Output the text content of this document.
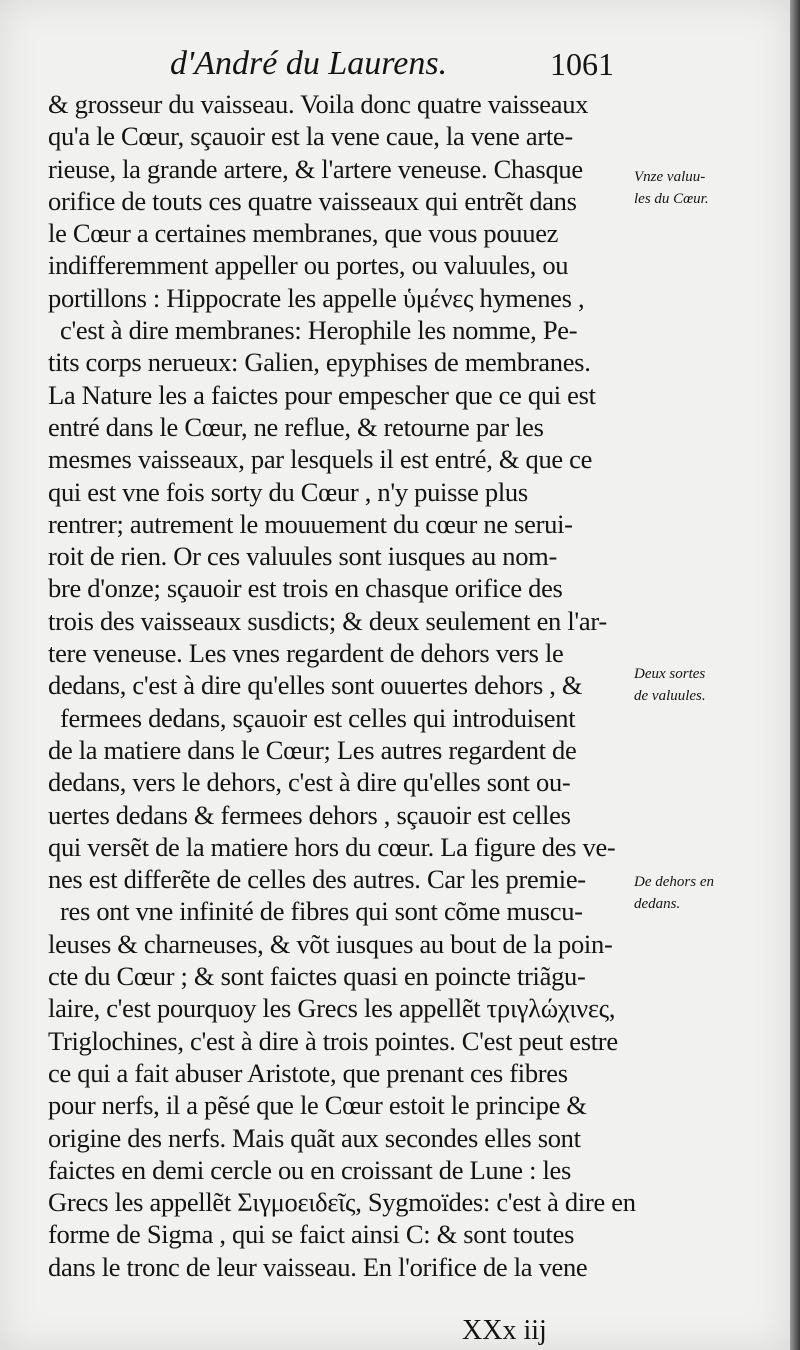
d'André du Laurens.	1061
& grosseur du vaisseau. Voila donc quatre vaisseaux
qu'a le Cœur, sçauoir est la vene caue, la vene arte-
rieuse, la grande artere, & l'artere veneuse. Chasque
orifice de touts ces quatre vaisseaux qui entrẽt dans
le Cœur a certaines membranes, que vous pouuez
indifferemment appeller ou portes, ou valuules, ou
portillons : Hippocrate les appelle ὑμένες hymenes ,
c'est à dire membranes: Herophile les nomme, Pe-
tits corps nerueux: Galien, epyphises de membranes.
La Nature les a faictes pour empescher que ce qui est
entré dans le Cœur, ne reflue, & retourne par les
mesmes vaisseaux, par lesquels il est entré, & que ce
qui est vne fois sorty du Cœur , n'y puisse plus
rentrer; autrement le mouuement du cœur ne serui-
roit de rien. Or ces valuules sont iusques au nom-
bre d'onze; sçauoir est trois en chasque orifice des
trois des vaisseaux susdicts; & deux seulement en l'ar-
tere veneuse. Les vnes regardent de dehors vers le
dedans, c'est à dire qu'elles sont ouuertes dehors , &
fermees dedans, sçauoir est celles qui introduisent
de la matiere dans le Cœur; Les autres regardent de
dedans, vers le dehors, c'est à dire qu'elles sont ou-
uertes dedans & fermees dehors , sçauoir est celles
qui versẽt de la matiere hors du cœur. La figure des ve-
nes est differẽte de celles des autres. Car les premie-
res ont vne infinité de fibres qui sont cõme muscu-
leuses & charneuses, & võt iusques au bout de la poin-
cte du Cœur ; & sont faictes quasi en poincte triãgu-
laire, c'est pourquoy les Grecs les appellẽt τριγλώχινες,
Triglochines, c'est à dire à trois pointes. C'est peut estre
ce qui a fait abuser Aristote, que prenant ces fibres
pour nerfs, il a pẽsé que le Cœur estoit le principe &
origine des nerfs. Mais quãt aux secondes elles sont
faictes en demi cercle ou en croissant de Lune : les
Grecs les appellẽt Σιγμοειδεῖς, Sygmoïdes: c'est à dire en
forme de Sigma , qui se faict ainsi C: & sont toutes
dans le tronc de leur vaisseau. En l'orifice de la vene
Vnze valuu-
les du Cœur.
Deux sortes
de valuules.
De dehors en
dedans.
XXx iij
